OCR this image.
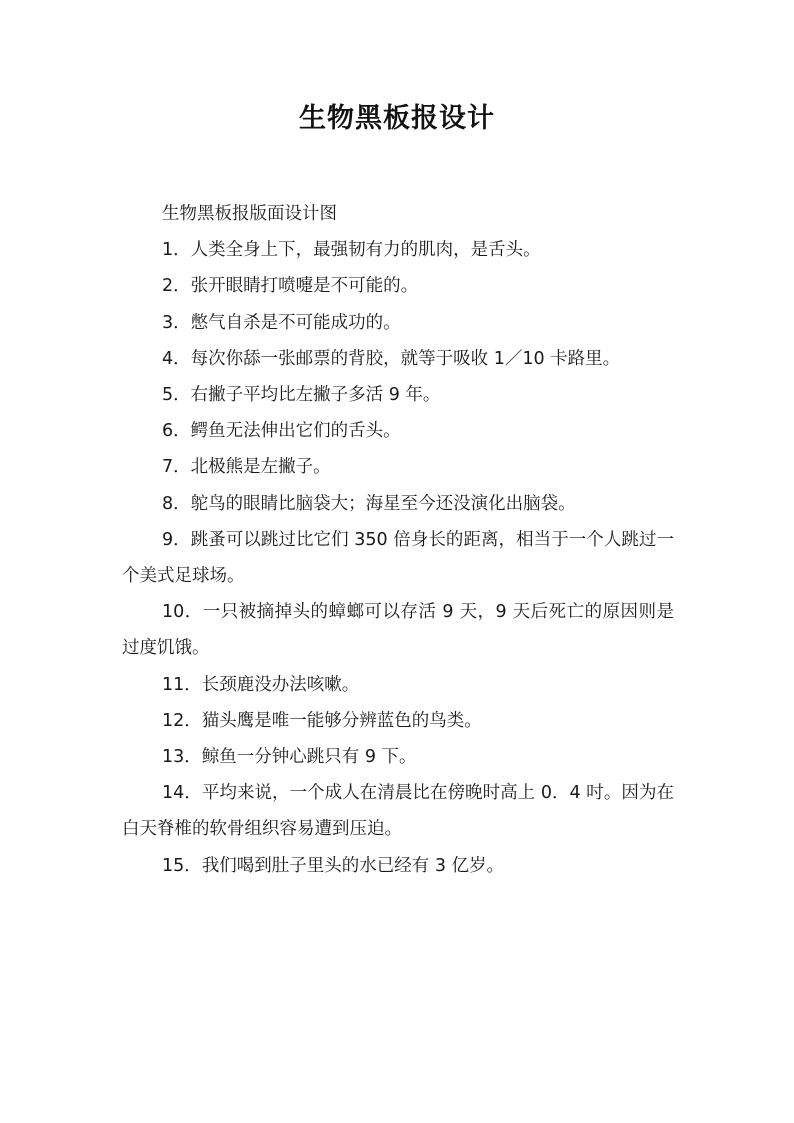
生物黑板报设计

生物黑板报版面设计图

1．人类全身上下，最强韧有力的肌肉，是舌头。

2．张开眼睛打喷嚏是不可能的。

3．憋气自杀是不可能成功的。

4．每次你舔一张邮票的背胶，就等于吸收 1／10 卡路里。

5．右撇子平均比左撇子多活 9 年。

6．鳄鱼无法伸出它们的舌头。

7．北极熊是左撇子。

8．鸵鸟的眼睛比脑袋大；海星至今还没演化出脑袋。

9．跳蚤可以跳过比它们 350 倍身长的距离，相当于一个人跳过一个美式足球场。

10．一只被摘掉头的蟑螂可以存活 9 天，9 天后死亡的原因则是过度饥饿。

11．长颈鹿没办法咳嗽。

12．猫头鹰是唯一能够分辨蓝色的鸟类。

13．鲸鱼一分钟心跳只有 9 下。

14．平均来说，一个成人在清晨比在傍晚时高上 0．4 吋。因为在白天脊椎的软骨组织容易遭到压迫。

15．我们喝到肚子里头的水已经有 3 亿岁。
